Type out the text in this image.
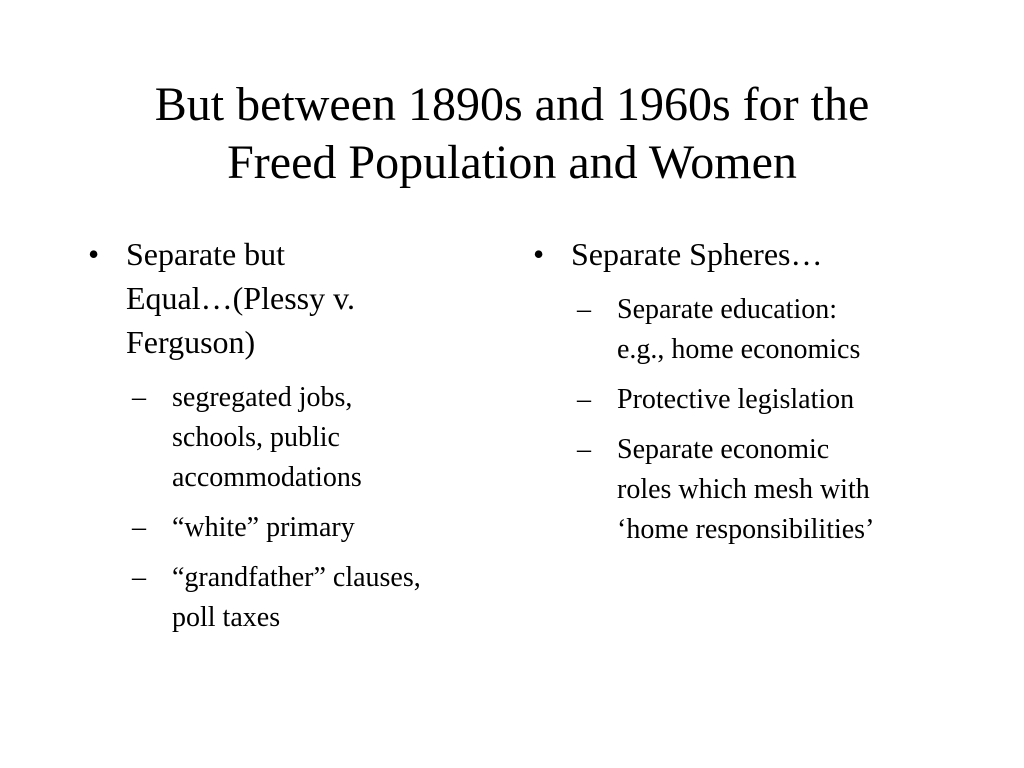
But between 1890s and 1960s for the
Freed Population and Women
• Separate but
Equal…(Plessy v.
Ferguson)
– segregated jobs,
schools, public
accommodations
– “white” primary
– “grandfather” clauses,
poll taxes
• Separate Spheres…
– Separate education:
e.g., home economics
– Protective legislation
– Separate economic
roles which mesh with
‘home responsibilities’
